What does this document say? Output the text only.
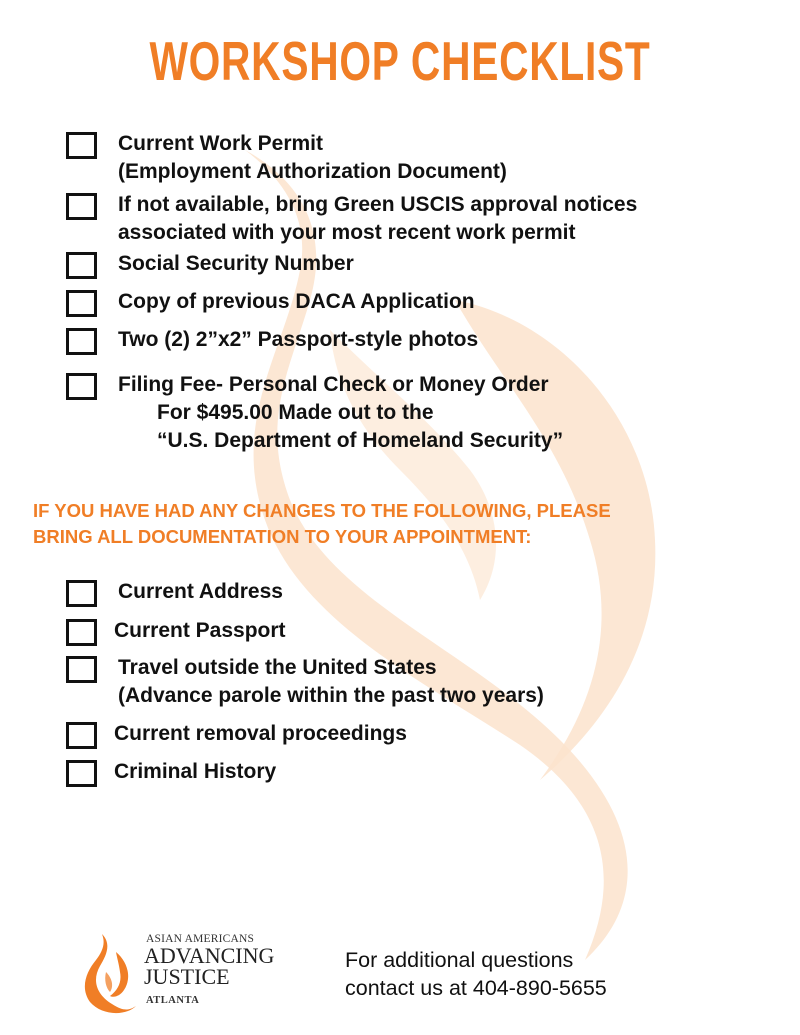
WORKSHOP CHECKLIST
Current Work Permit
(Employment Authorization Document)
If not available, bring Green USCIS approval notices
associated with your most recent work permit
Social Security Number
Copy of previous DACA Application
Two (2) 2”x2” Passport-style photos
Filing Fee- Personal Check or Money Order
For $495.00 Made out to the
“U.S. Department of Homeland Security”
IF YOU HAVE HAD ANY CHANGES TO THE FOLLOWING, PLEASE
BRING ALL DOCUMENTATION TO YOUR APPOINTMENT:
Current Address
Current Passport
Travel outside the United States
(Advance parole within the past two years)
Current removal proceedings
Criminal History
ASIAN AMERICANS
ADVANCING
JUSTICE
ATLANTA
For additional questions
contact us at 404-890-5655
